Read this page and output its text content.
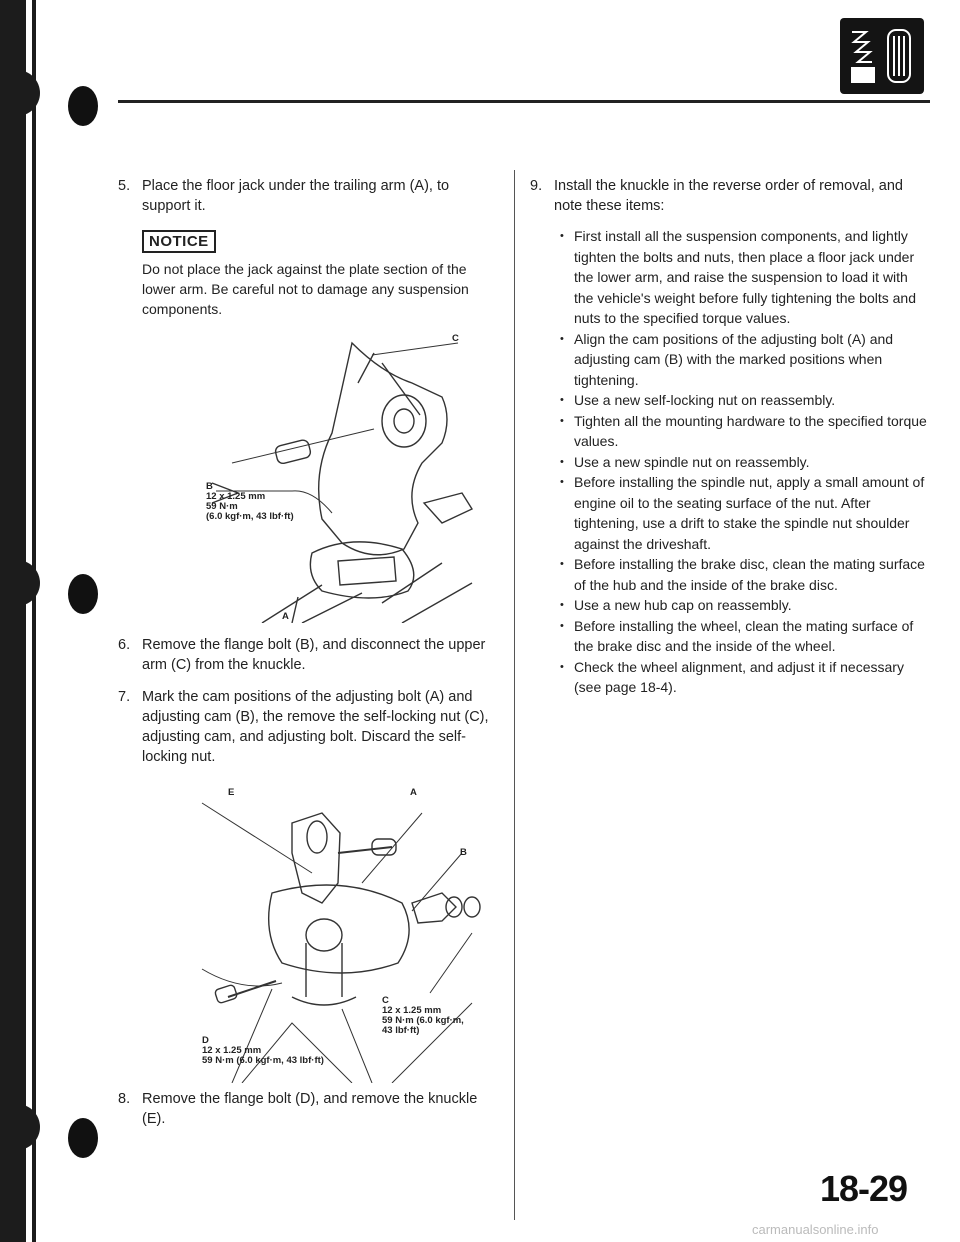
5. Place the floor jack under the trailing arm (A), to support it.
NOTICE
Do not place the jack against the plate section of the lower arm. Be careful not to damage any suspension components.
C
B
12 x 1.25 mm
59 N·m
(6.0 kgf·m, 43 lbf·ft)
A
6. Remove the flange bolt (B), and disconnect the upper arm (C) from the knuckle.
7. Mark the cam positions of the adjusting bolt (A) and adjusting cam (B), the remove the self-locking nut (C), adjusting cam, and adjusting bolt. Discard the self-locking nut.
E	A
B
C
12 x 1.25 mm
59 N·m (6.0 kgf·m,
43 lbf·ft)
D
12 x 1.25 mm
59 N·m (6.0 kgf·m, 43 lbf·ft)
8. Remove the flange bolt (D), and remove the knuckle (E).
9. Install the knuckle in the reverse order of removal, and note these items:
• First install all the suspension components, and lightly tighten the bolts and nuts, then place a floor jack under the lower arm, and raise the suspension to load it with the vehicle's weight before fully tightening the bolts and nuts to the specified torque values.
• Align the cam positions of the adjusting bolt (A) and adjusting cam (B) with the marked positions when tightening.
• Use a new self-locking nut on reassembly.
• Tighten all the mounting hardware to the specified torque values.
• Use a new spindle nut on reassembly.
• Before installing the spindle nut, apply a small amount of engine oil to the seating surface of the nut. After tightening, use a drift to stake the spindle nut shoulder against the driveshaft.
• Before installing the brake disc, clean the mating surface of the hub and the inside of the brake disc.
• Use a new hub cap on reassembly.
• Before installing the wheel, clean the mating surface of the brake disc and the inside of the wheel.
• Check the wheel alignment, and adjust it if necessary (see page 18-4).
18-29
carmanualsonline.info
